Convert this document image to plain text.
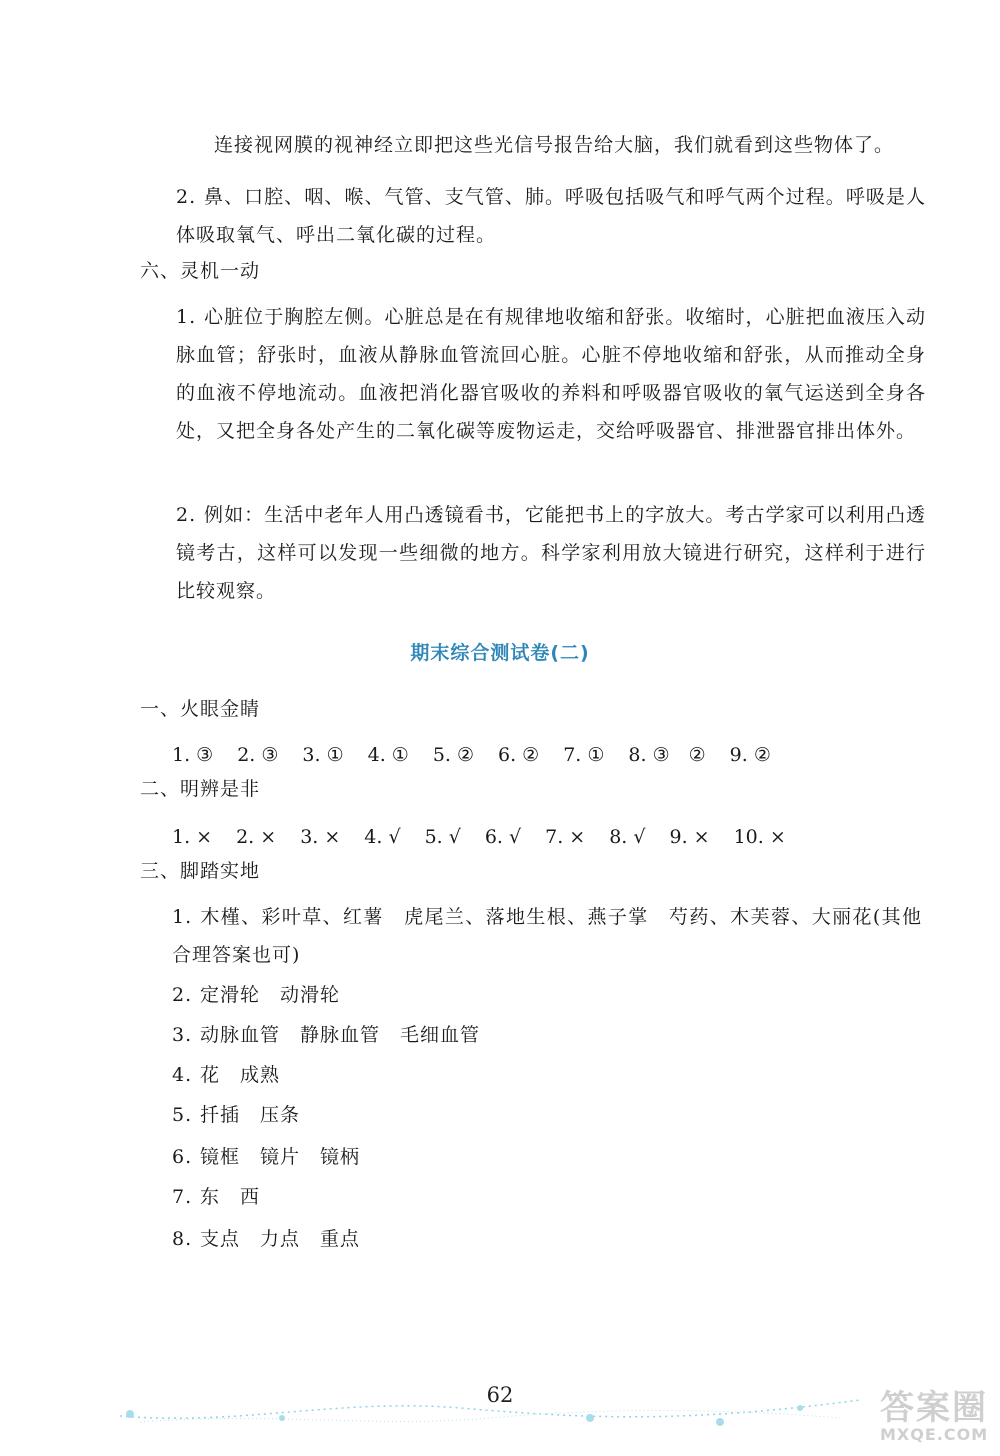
连接视网膜的视神经立即把这些光信号报告给大脑，我们就看到这些物体了。
2. 鼻、口腔、咽、喉、气管、支气管、肺。呼吸包括吸气和呼气两个过程。呼吸是人体吸取氧气、呼出二氧化碳的过程。
六、灵机一动
1. 心脏位于胸腔左侧。心脏总是在有规律地收缩和舒张。收缩时，心脏把血液压入动脉血管；舒张时，血液从静脉血管流回心脏。心脏不停地收缩和舒张，从而推动全身的血液不停地流动。血液把消化器官吸收的养料和呼吸器官吸收的氧气运送到全身各处，又把全身各处产生的二氧化碳等废物运走，交给呼吸器官、排泄器官排出体外。
2. 例如：生活中老年人用凸透镜看书，它能把书上的字放大。考古学家可以利用凸透镜考古，这样可以发现一些细微的地方。科学家利用放大镜进行研究，这样利于进行比较观察。
期末综合测试卷(二)
一、火眼金睛
1. ③ 2. ③ 3. ① 4. ① 5. ② 6. ② 7. ① 8. ③　② 9. ②
二、明辨是非
1. × 2. × 3. × 4. √ 5. √ 6. √ 7. × 8. √ 9. × 10. ×
三、脚踏实地
1. 木槿、彩叶草、红薯　虎尾兰、落地生根、燕子掌　芍药、木芙蓉、大丽花(其他合理答案也可)
2. 定滑轮　动滑轮
3. 动脉血管　静脉血管　毛细血管
4. 花　成熟
5. 扦插　压条
6. 镜框　镜片　镜柄
7. 东　西
8. 支点　力点　重点
62	答案圈
MXQE.COM
